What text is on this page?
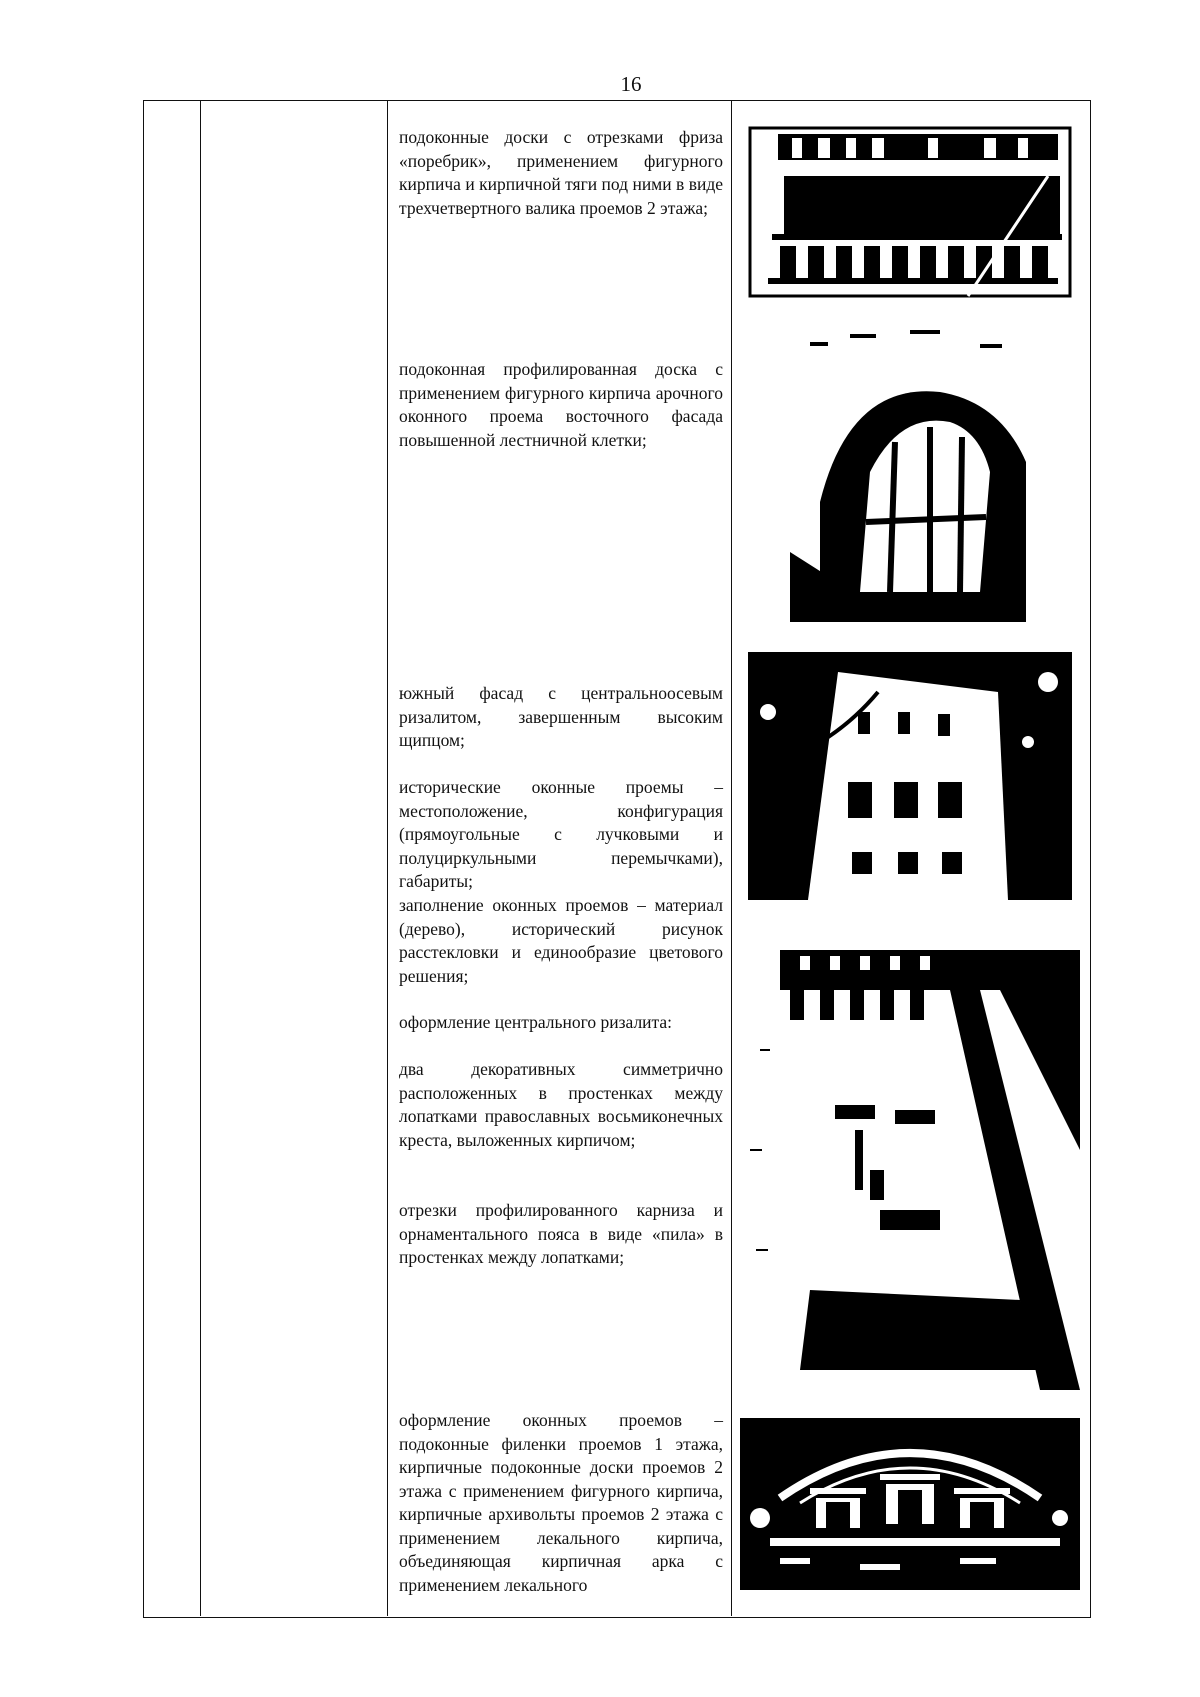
16
подоконные доски с отрезками фриза «поребрик», применением фигурного кирпича и кирпичной тяги под ними в виде трехчетвертного валика проемов 2 этажа;
подоконная профилированная доска с применением фигурного кирпича арочного оконного проема восточного фасада повышенной лестничной клетки;
южный фасад с центральноосевым ризалитом, завершенным высоким щипцом;
исторические оконные проемы – местоположение, конфигурация (прямоугольные с лучковыми и полуциркульными перемычками), габариты;
заполнение оконных проемов – материал (дерево), исторический рисунок расстекловки и единообразие цветового решения;
оформление центрального ризалита:
два декоративных симметрично расположенных в простенках между лопатками православных восьмиконечных креста, выложенных кирпичом;
отрезки профилированного карниза и орнаментального пояса в виде «пила» в простенках между лопатками;
оформление оконных проемов – подоконные филенки проемов 1 этажа, кирпичные подоконные доски проемов 2 этажа с применением фигурного кирпича, кирпичные архивольты проемов 2 этажа с применением лекального кирпича, объединяющая кирпичная арка с применением лекального
